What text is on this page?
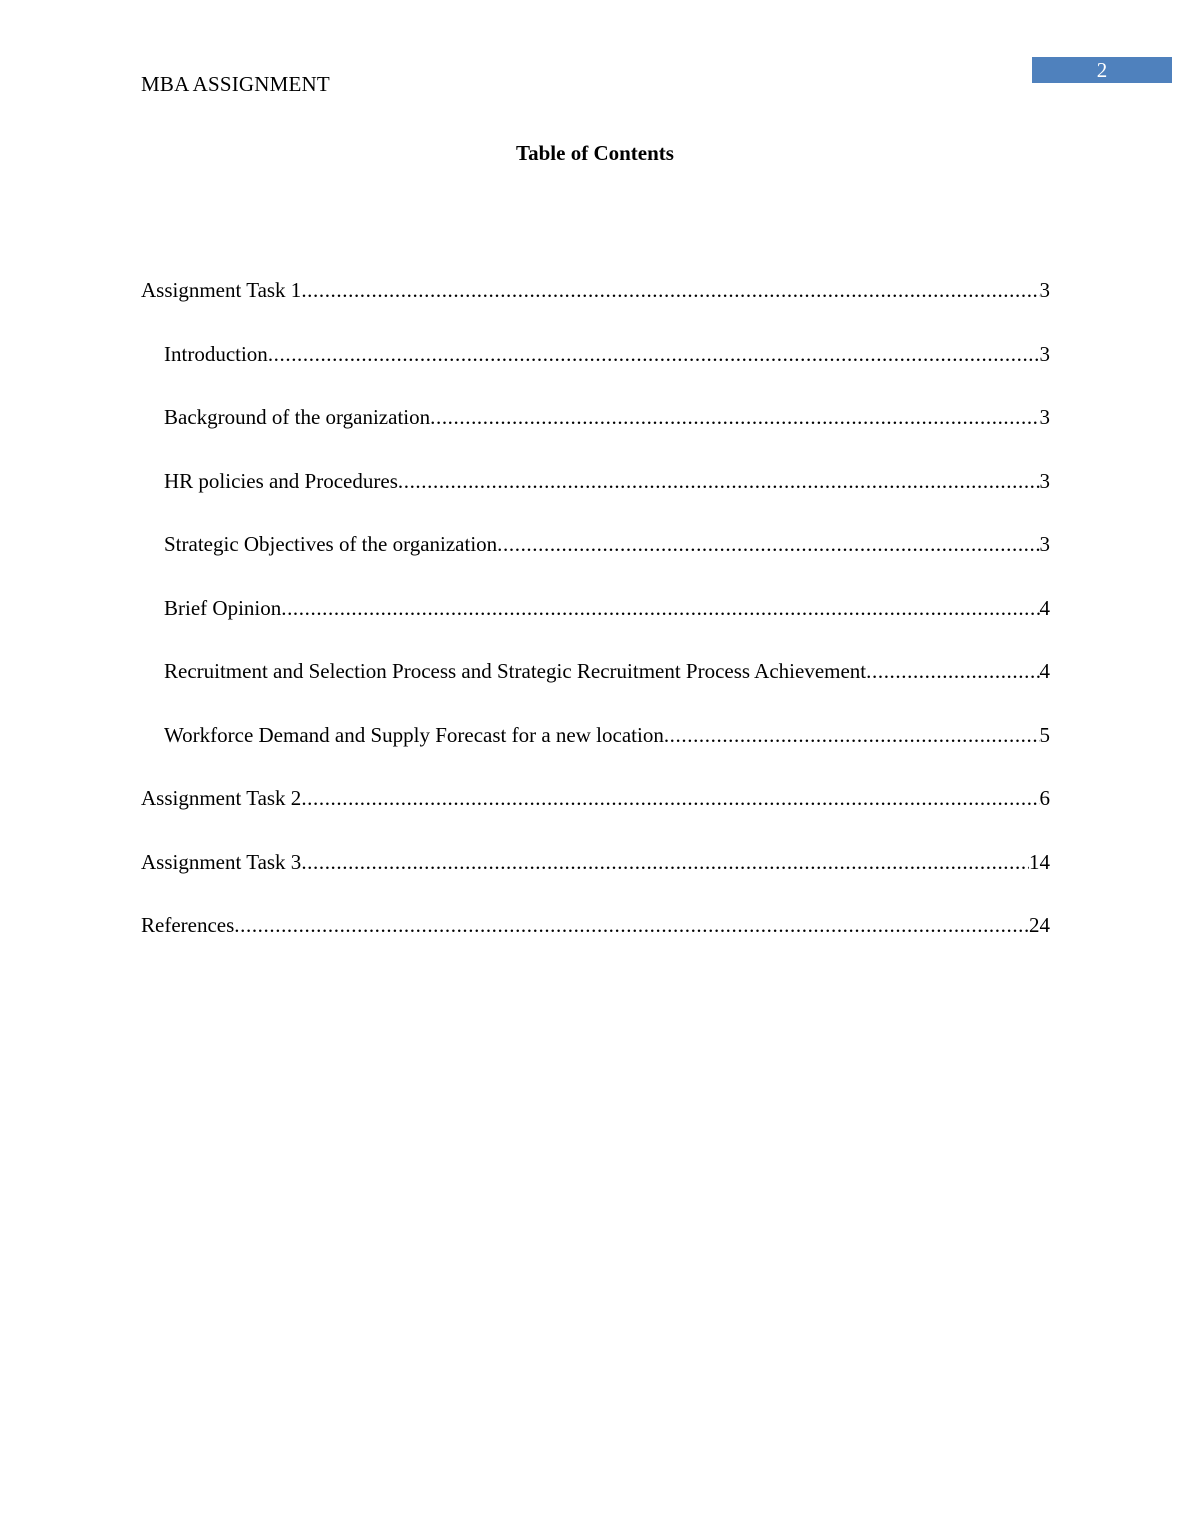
MBA ASSIGNMENT
2
Table of Contents
Assignment Task 1 .....	3
Introduction .....	3
Background of the organization .....	3
HR policies and Procedures .....	3
Strategic Objectives of the organization .....	3
Brief Opinion .....	4
Recruitment and Selection Process and Strategic Recruitment Process Achievement .....	4
Workforce Demand and Supply Forecast for a new location .....	5
Assignment Task 2 .....	6
Assignment Task 3 .....	14
References .....	24
